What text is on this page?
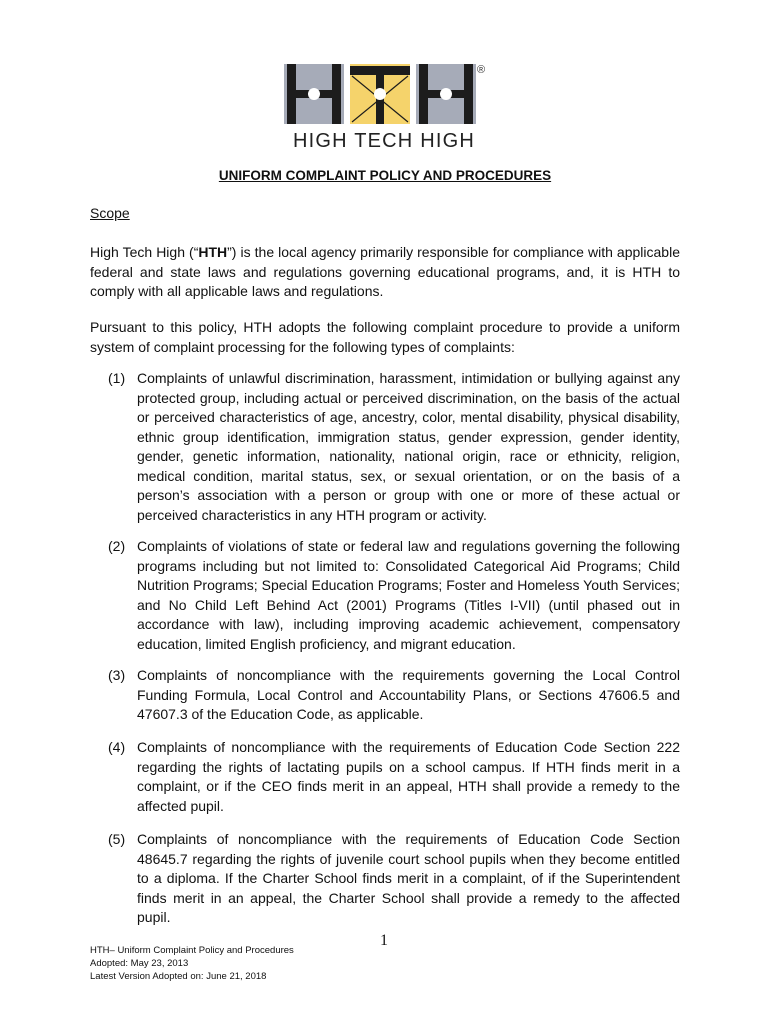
®
HIGH TECH HIGH
UNIFORM COMPLAINT POLICY AND PROCEDURES
Scope

High Tech High (“HTH”) is the local agency primarily responsible for compliance with applicable federal and state laws and regulations governing educational programs, and, it is HTH to comply with all applicable laws and regulations.

Pursuant to this policy, HTH adopts the following complaint procedure to provide a uniform system of complaint processing for the following types of complaints:

(1) Complaints of unlawful discrimination, harassment, intimidation or bullying against any protected group, including actual or perceived discrimination, on the basis of the actual or perceived characteristics of age, ancestry, color, mental disability, physical disability, ethnic group identification, immigration status, gender expression, gender identity, gender, genetic information, nationality, national origin, race or ethnicity, religion, medical condition, marital status, sex, or sexual orientation, or on the basis of a person’s association with a person or group with one or more of these actual or perceived characteristics in any HTH program or activity.

(2) Complaints of violations of state or federal law and regulations governing the following programs including but not limited to: Consolidated Categorical Aid Programs; Child Nutrition Programs; Special Education Programs; Foster and Homeless Youth Services; and No Child Left Behind Act (2001) Programs (Titles I-VII) (until phased out in accordance with law), including improving academic achievement, compensatory education, limited English proficiency, and migrant education.

(3) Complaints of noncompliance with the requirements governing the Local Control Funding Formula, Local Control and Accountability Plans, or Sections 47606.5 and 47607.3 of the Education Code, as applicable.

(4) Complaints of noncompliance with the requirements of Education Code Section 222 regarding the rights of lactating pupils on a school campus. If HTH finds merit in a complaint, or if the CEO finds merit in an appeal, HTH shall provide a remedy to the affected pupil.

(5) Complaints of noncompliance with the requirements of Education Code Section 48645.7 regarding the rights of juvenile court school pupils when they become entitled to a diploma. If the Charter School finds merit in a complaint, of if the Superintendent finds merit in an appeal, the Charter School shall provide a remedy to the affected pupil.

1
HTH– Uniform Complaint Policy and Procedures
Adopted: May 23, 2013
Latest Version Adopted on: June 21, 2018
